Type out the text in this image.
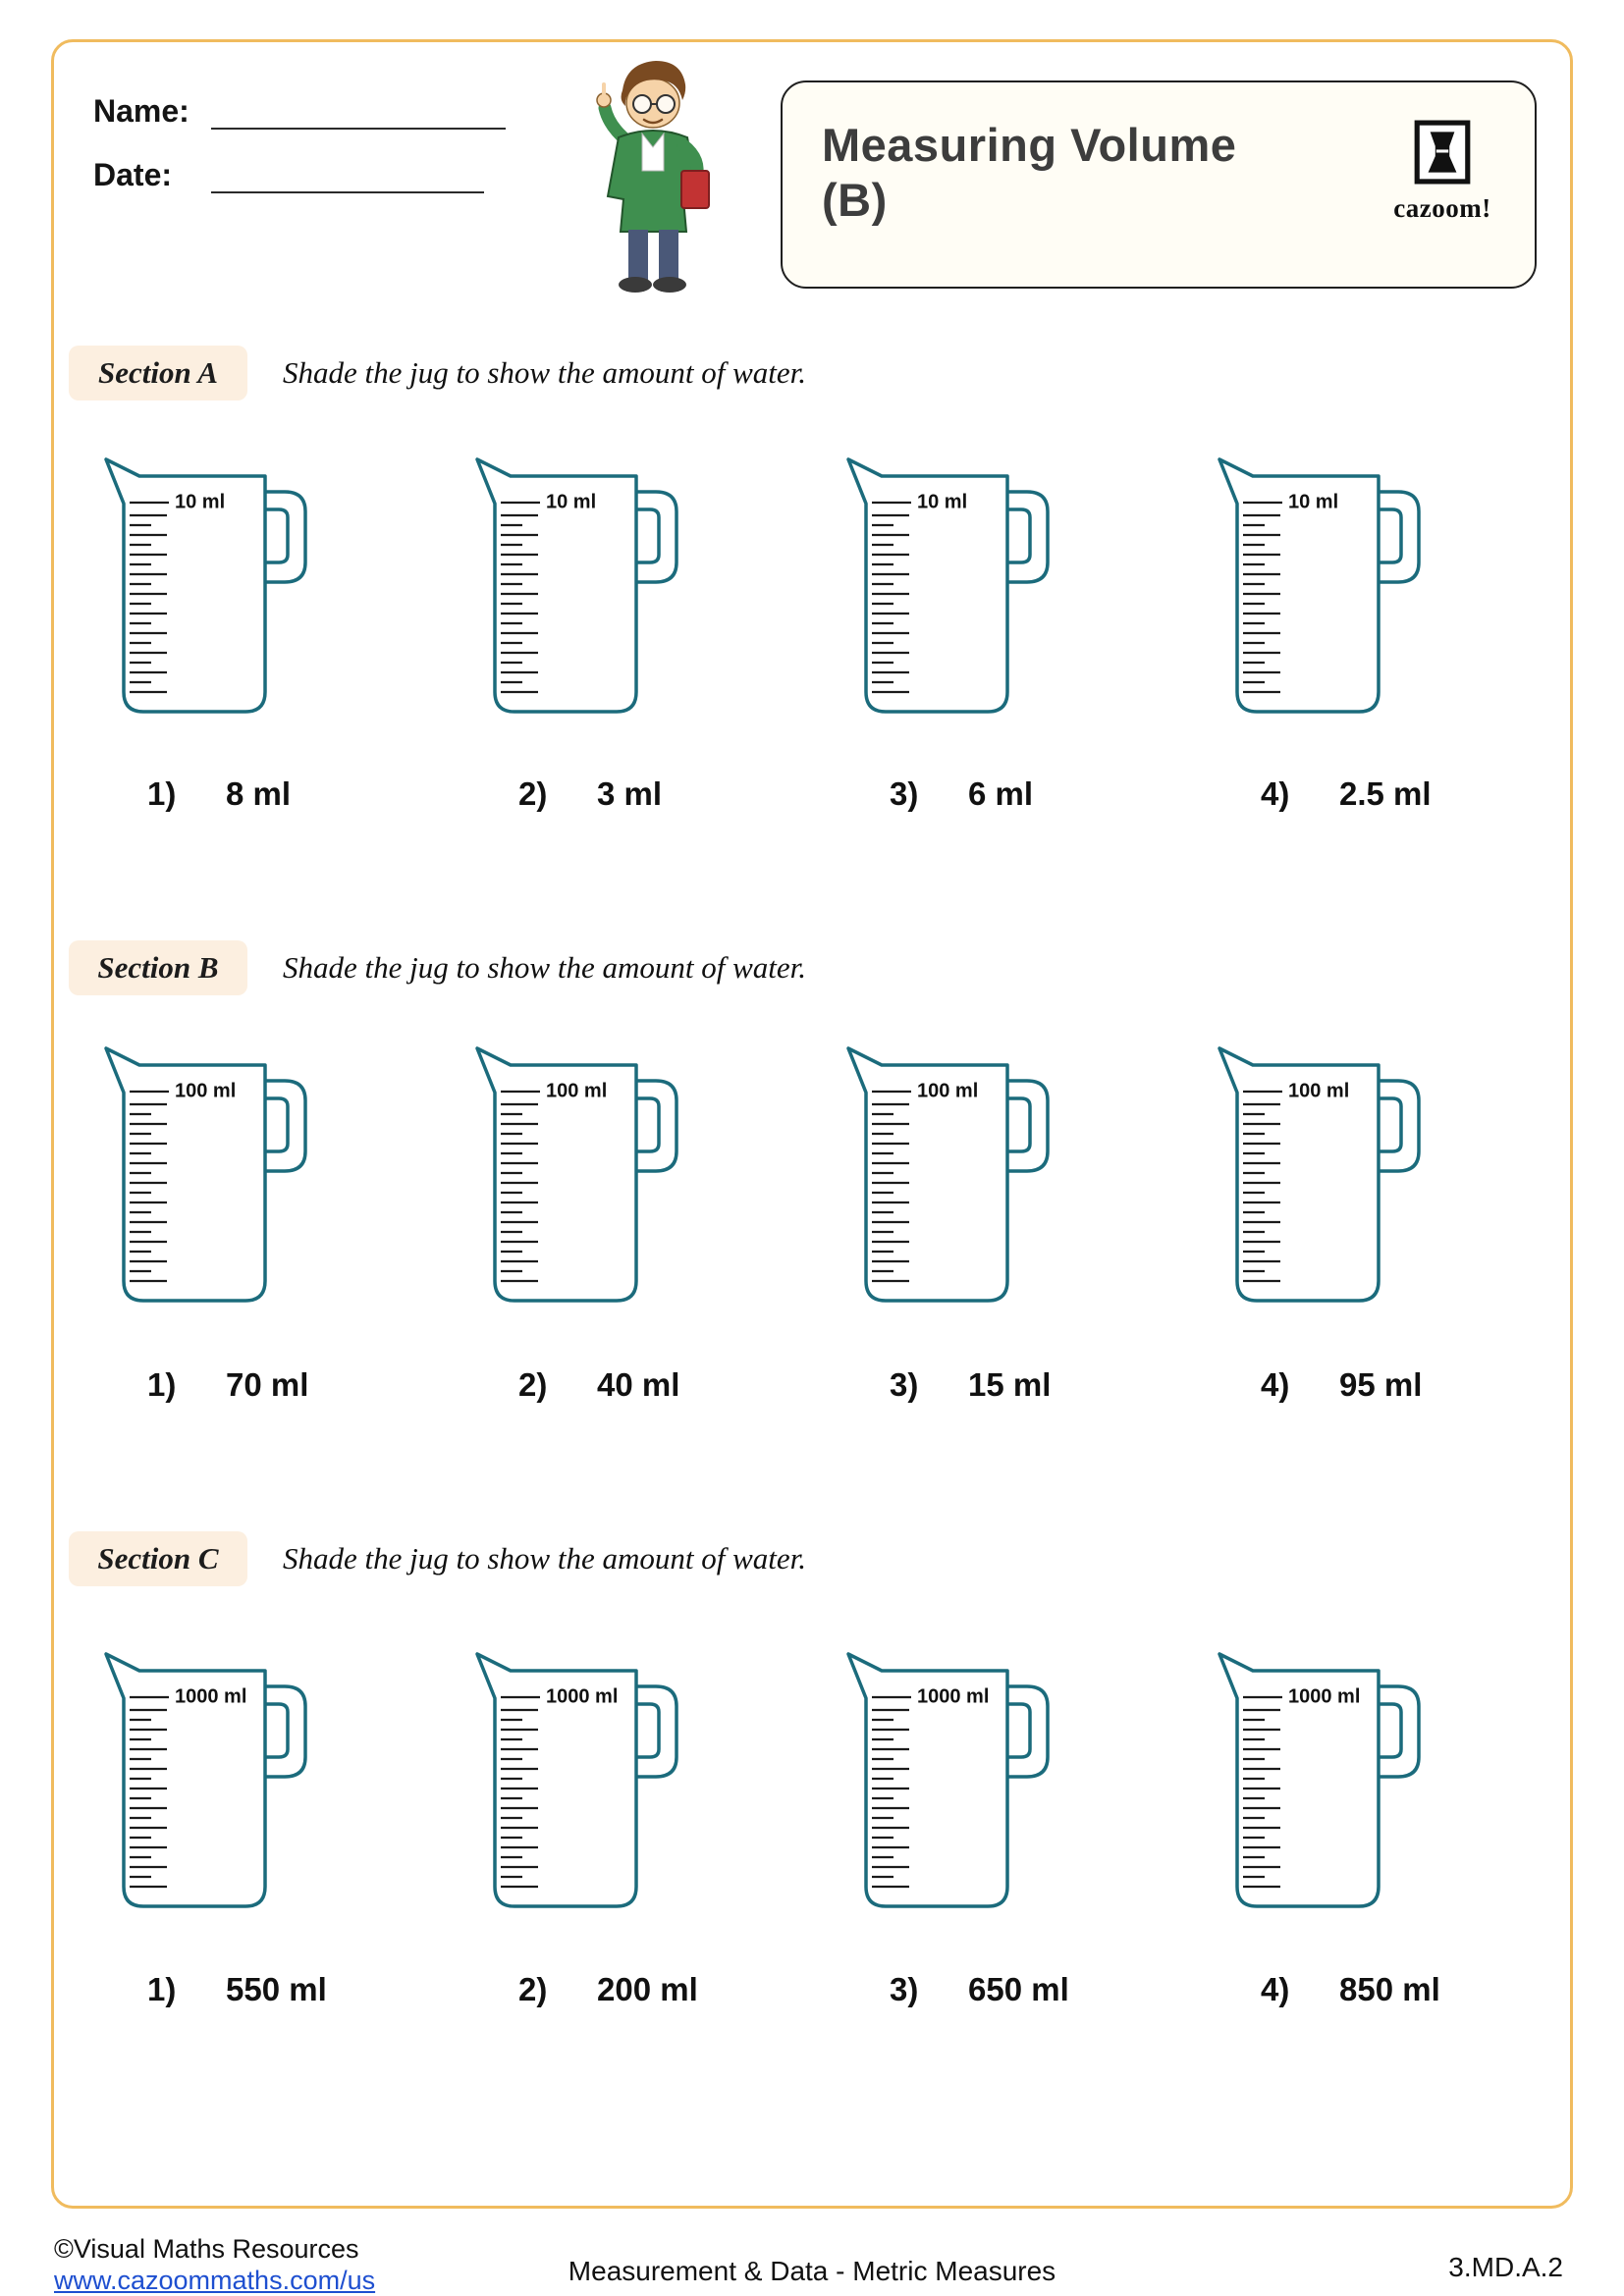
Name:
Date:
Measuring Volume
(B)	cazoom!
Section A	Shade the jug to show the amount of water.
10 ml	10 ml	10 ml	10 ml
1)	8 ml	2)	3 ml	3)	6 ml	4)	2.5 ml
Section B	Shade the jug to show the amount of water.
100 ml	100 ml	100 ml	100 ml
1)	70 ml	2)	40 ml	3)	15 ml	4)	95 ml
Section C	Shade the jug to show the amount of water.
1000 ml	1000 ml	1000 ml	1000 ml
1)	550 ml	2)	200 ml	3)	650 ml	4)	850 ml
©Visual Maths Resources
www.cazoommaths.com/us	Measurement & Data - Metric Measures	3.MD.A.2
